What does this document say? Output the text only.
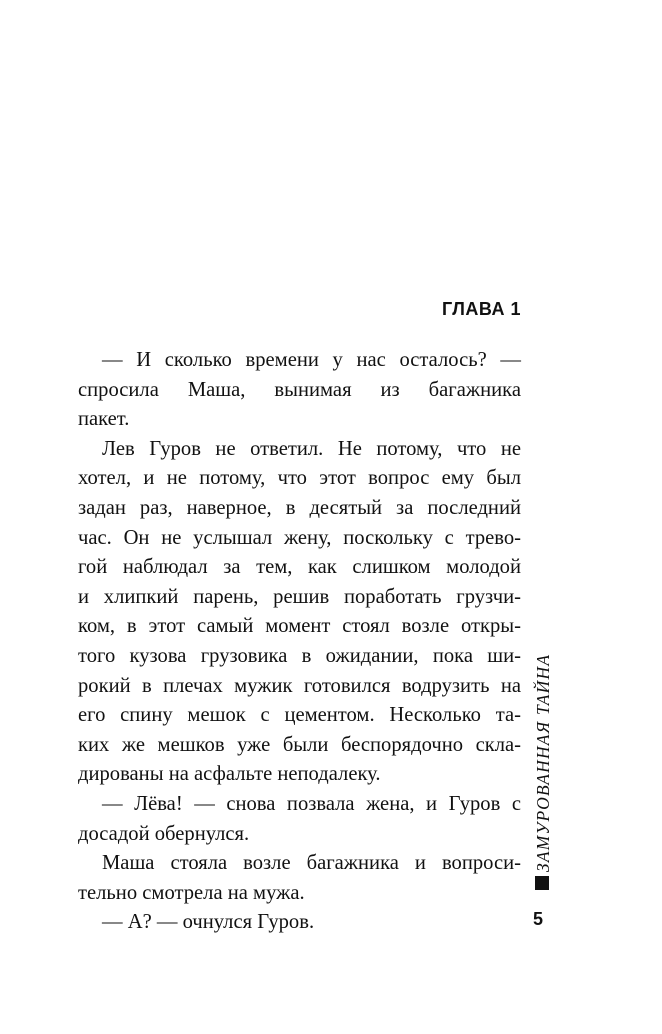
ГЛАВА 1

— И сколько времени у нас осталось? —
спросила Маша, вынимая из багажника
пакет.

Лев Гуров не ответил. Не потому, что не
хотел, и не потому, что этот вопрос ему был
задан раз, наверное, в десятый за последний
час. Он не услышал жену, поскольку с трево-
гой наблюдал за тем, как слишком молодой
и хлипкий парень, решив поработать грузчи-
ком, в этот самый момент стоял возле откры-
того кузова грузовика в ожидании, пока ши-
рокий в плечах мужик готовился водрузить на
его спину мешок с цементом. Несколько та-
ких же мешков уже были беспорядочно скла-
дированы на асфальте неподалеку.

— Лёва! — снова позвала жена, и Гуров с
досадой обернулся.

Маша стояла возле багажника и вопроси-
тельно смотрела на мужа.

— А? — очнулся Гуров.

ЗАМУРОВАННАЯ ТАЙНА
5
